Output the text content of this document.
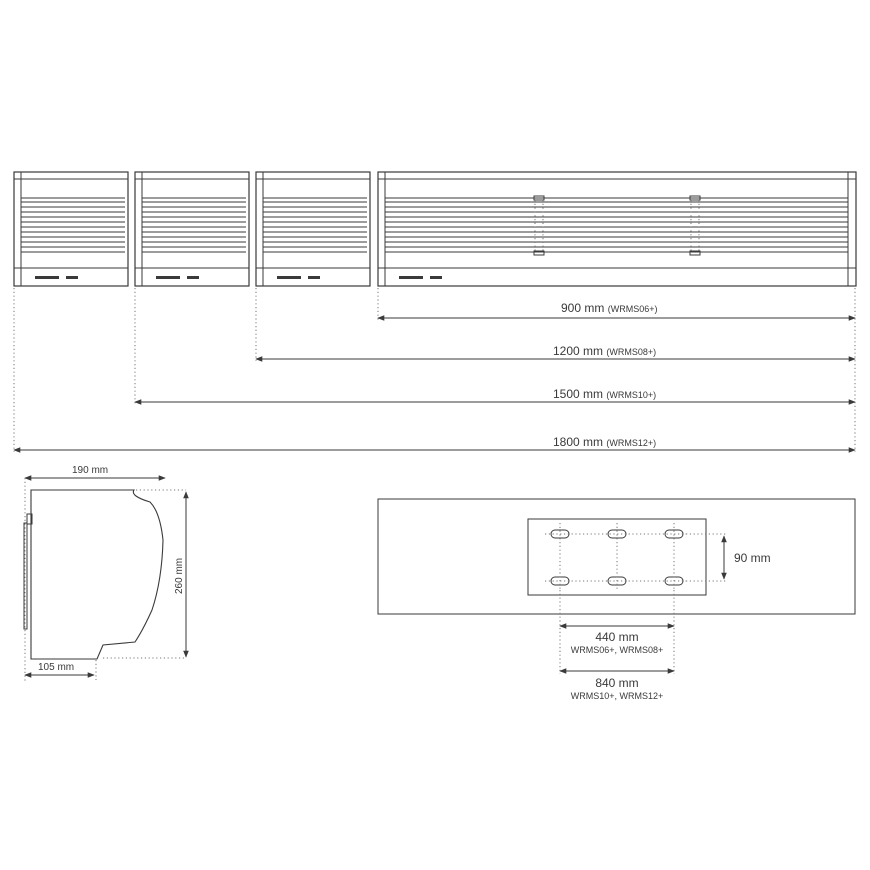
900 mm (WRMS06+)
1200 mm (WRMS08+)
1500 mm (WRMS10+)
1800 mm (WRMS12+)
190 mm
260 mm
105 mm
90 mm
440 mm
WRMS06+, WRMS08+
840 mm
WRMS10+, WRMS12+
